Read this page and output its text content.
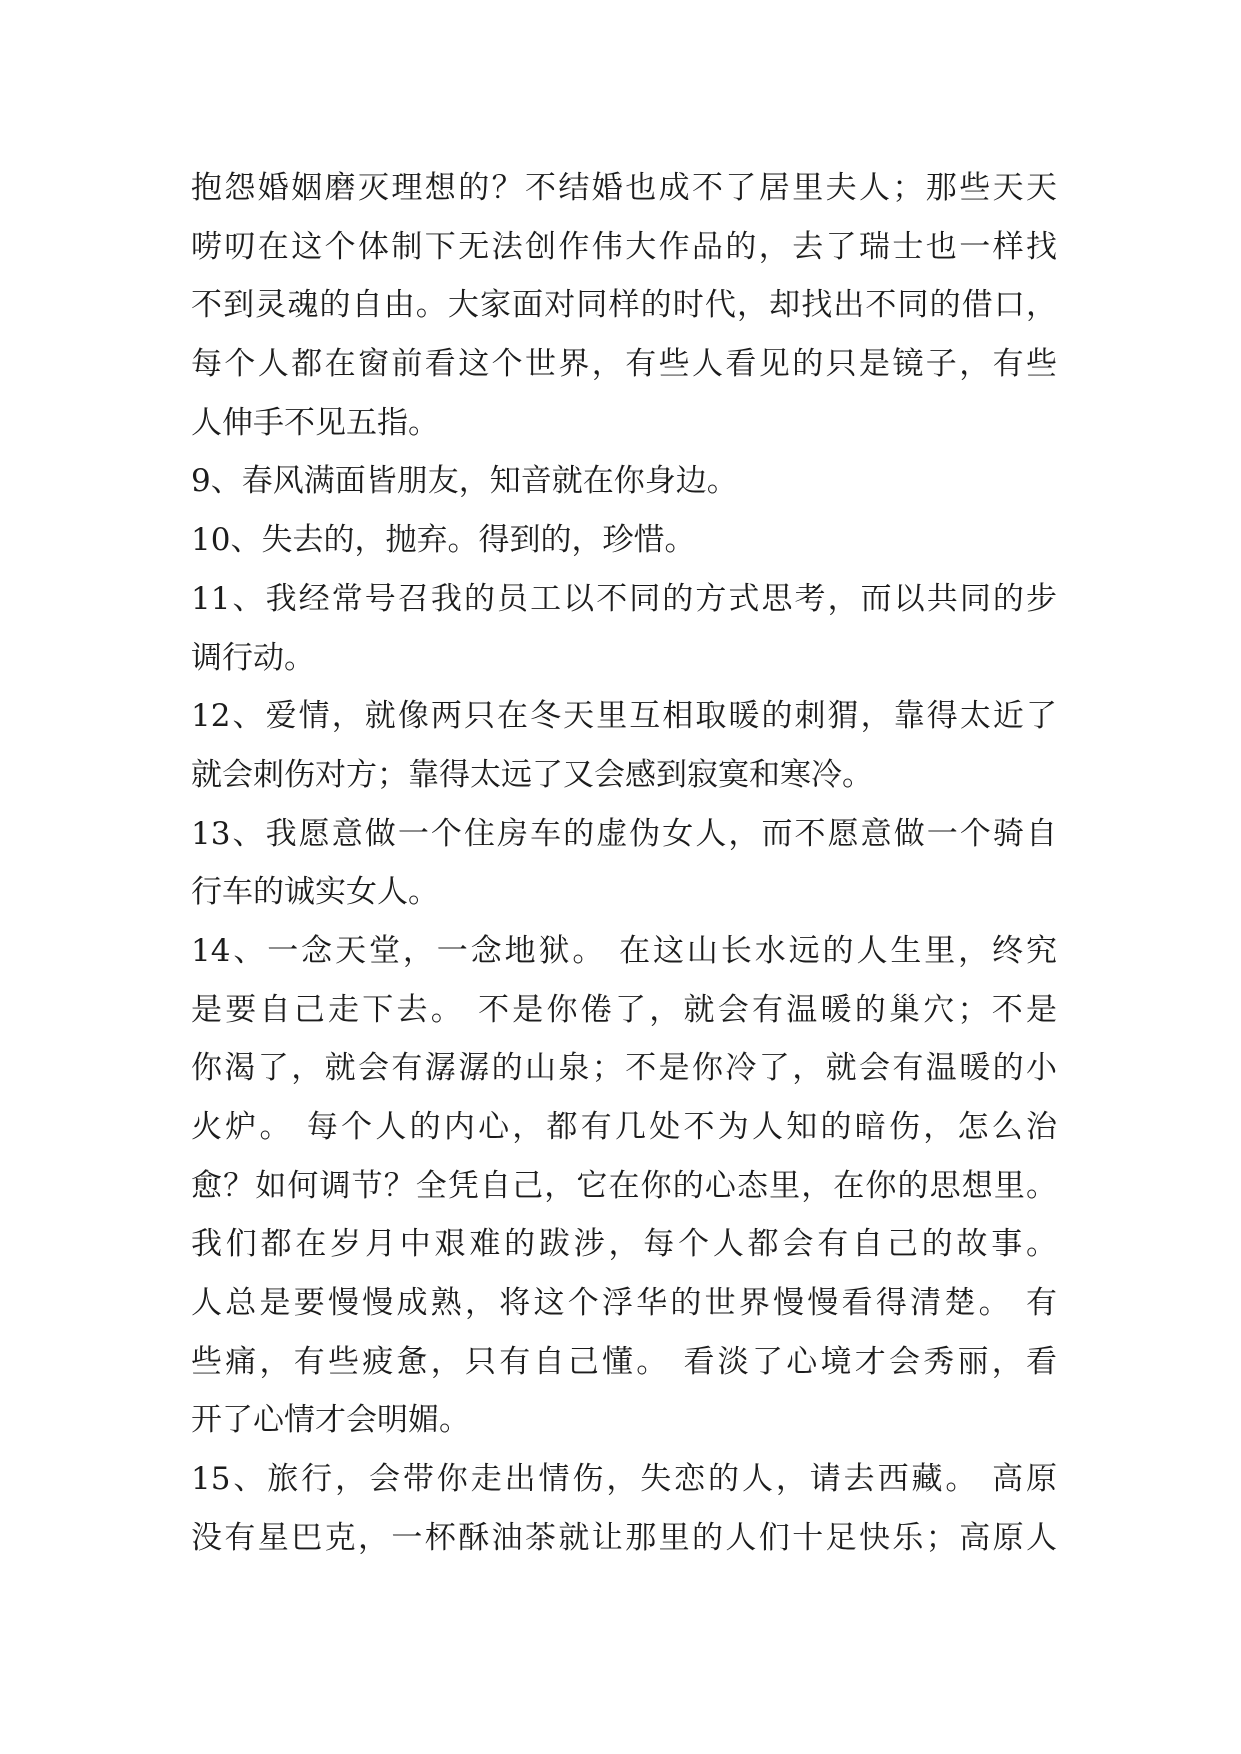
抱怨婚姻磨灭理想的？不结婚也成不了居里夫人；那些天天
唠叨在这个体制下无法创作伟大作品的，去了瑞士也一样找
不到灵魂的自由。大家面对同样的时代，却找出不同的借口，
每个人都在窗前看这个世界，有些人看见的只是镜子，有些
人伸手不见五指。
9、春风满面皆朋友，知音就在你身边。
10、失去的，抛弃。得到的，珍惜。
11、我经常号召我的员工以不同的方式思考，而以共同的步
调行动。
12、爱情，就像两只在冬天里互相取暖的刺猬，靠得太近了
就会刺伤对方；靠得太远了又会感到寂寞和寒冷。
13、我愿意做一个住房车的虚伪女人，而不愿意做一个骑自
行车的诚实女人。
14、一念天堂，一念地狱。 在这山长水远的人生里，终究
是要自己走下去。 不是你倦了，就会有温暖的巢穴；不是
你渴了，就会有潺潺的山泉；不是你冷了，就会有温暖的小
火炉。 每个人的内心，都有几处不为人知的暗伤，怎么治
愈？如何调节？全凭自己，它在你的心态里，在你的思想里。
我们都在岁月中艰难的跋涉，每个人都会有自己的故事。
人总是要慢慢成熟，将这个浮华的世界慢慢看得清楚。 有
些痛，有些疲惫，只有自己懂。 看淡了心境才会秀丽，看
开了心情才会明媚。
15、旅行，会带你走出情伤，失恋的人，请去西藏。 高原
没有星巴克，一杯酥油茶就让那里的人们十足快乐；高原人
